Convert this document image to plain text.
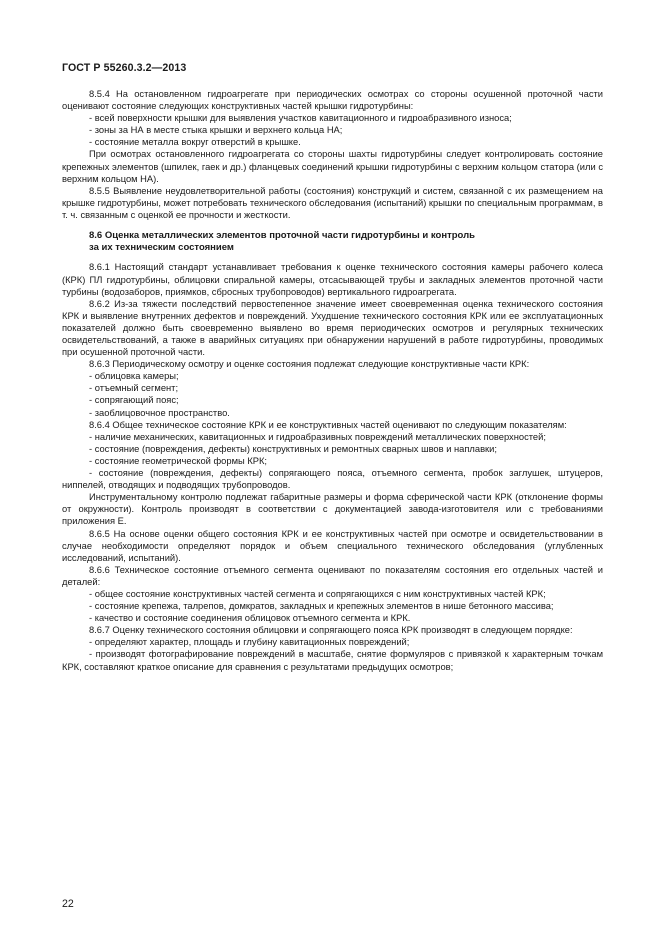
ГОСТ Р 55260.3.2—2013

8.5.4 На остановленном гидроагрегате при периодических осмотрах со стороны осушенной проточной части оценивают состояние следующих конструктивных частей крышки гидротурбины:

- всей поверхности крышки для выявления участков кавитационного и гидроабразивного износа;

- зоны за НА в месте стыка крышки и верхнего кольца НА;

- состояние металла вокруг отверстий в крышке.

При осмотрах остановленного гидроагрегата со стороны шахты гидротурбины следует контролировать состояние крепежных элементов (шпилек, гаек и др.) фланцевых соединений крышки гидротурбины с верхним кольцом статора (или с верхним кольцом НА).

8.5.5 Выявление неудовлетворительной работы (состояния) конструкций и систем, связанной с их размещением на крышке гидротурбины, может потребовать технического обследования (испытаний) крышки по специальным программам, в т. ч. связанным с оценкой ее прочности и жесткости.

8.6 Оценка металлических элементов проточной части гидротурбины и контроль
за их техническим состоянием

8.6.1 Настоящий стандарт устанавливает требования к оценке технического состояния камеры рабочего колеса (КРК) ПЛ гидротурбины, облицовки спиральной камеры, отсасывающей трубы и закладных элементов проточной части турбины (водозаборов, приямков, сбросных трубопроводов) вертикального гидроагрегата.

8.6.2 Из-за тяжести последствий первостепенное значение имеет своевременная оценка технического состояния КРК и выявление внутренних дефектов и повреждений. Ухудшение технического состояния КРК или ее эксплуатационных показателей должно быть своевременно выявлено во время периодических осмотров и регулярных технических освидетельствований, а также в аварийных ситуациях при обнаружении нарушений в работе гидротурбины, проводимых при осушенной проточной части.

8.6.3 Периодическому осмотру и оценке состояния подлежат следующие конструктивные части КРК:

- облицовка камеры;

- отъемный сегмент;

- сопрягающий пояс;

- заоблицовочное пространство.

8.6.4 Общее техническое состояние КРК и ее конструктивных частей оценивают по следующим показателям:

- наличие механических, кавитационных и гидроабразивных повреждений металлических поверхностей;

- состояние (повреждения, дефекты) конструктивных и ремонтных сварных швов и наплавки;

- состояние геометрической формы КРК;

- состояние (повреждения, дефекты) сопрягающего пояса, отъемного сегмента, пробок заглушек, штуцеров, ниппелей, отводящих и подводящих трубопроводов.

Инструментальному контролю подлежат габаритные размеры и форма сферической части КРК (отклонение формы от окружности). Контроль производят в соответствии с документацией завода-изготовителя или с требованиями приложения Е.

8.6.5 На основе оценки общего состояния КРК и ее конструктивных частей при осмотре и освидетельствовании в случае необходимости определяют порядок и объем специального технического обследования (углубленных исследований, испытаний).

8.6.6 Техническое состояние отъемного сегмента оценивают по показателям состояния его отдельных частей и деталей:

- общее состояние конструктивных частей сегмента и сопрягающихся с ним конструктивных частей КРК;

- состояние крепежа, талрепов, домкратов, закладных и крепежных элементов в нише бетонного массива;

- качество и состояние соединения облицовок отъемного сегмента и КРК.

8.6.7 Оценку технического состояния облицовки и сопрягающего пояса КРК производят в следующем порядке:

- определяют характер, площадь и глубину кавитационных повреждений;

- производят фотографирование повреждений в масштабе, снятие формуляров с привязкой к характерным точкам КРК, составляют краткое описание для сравнения с результатами предыдущих осмотров;

22
